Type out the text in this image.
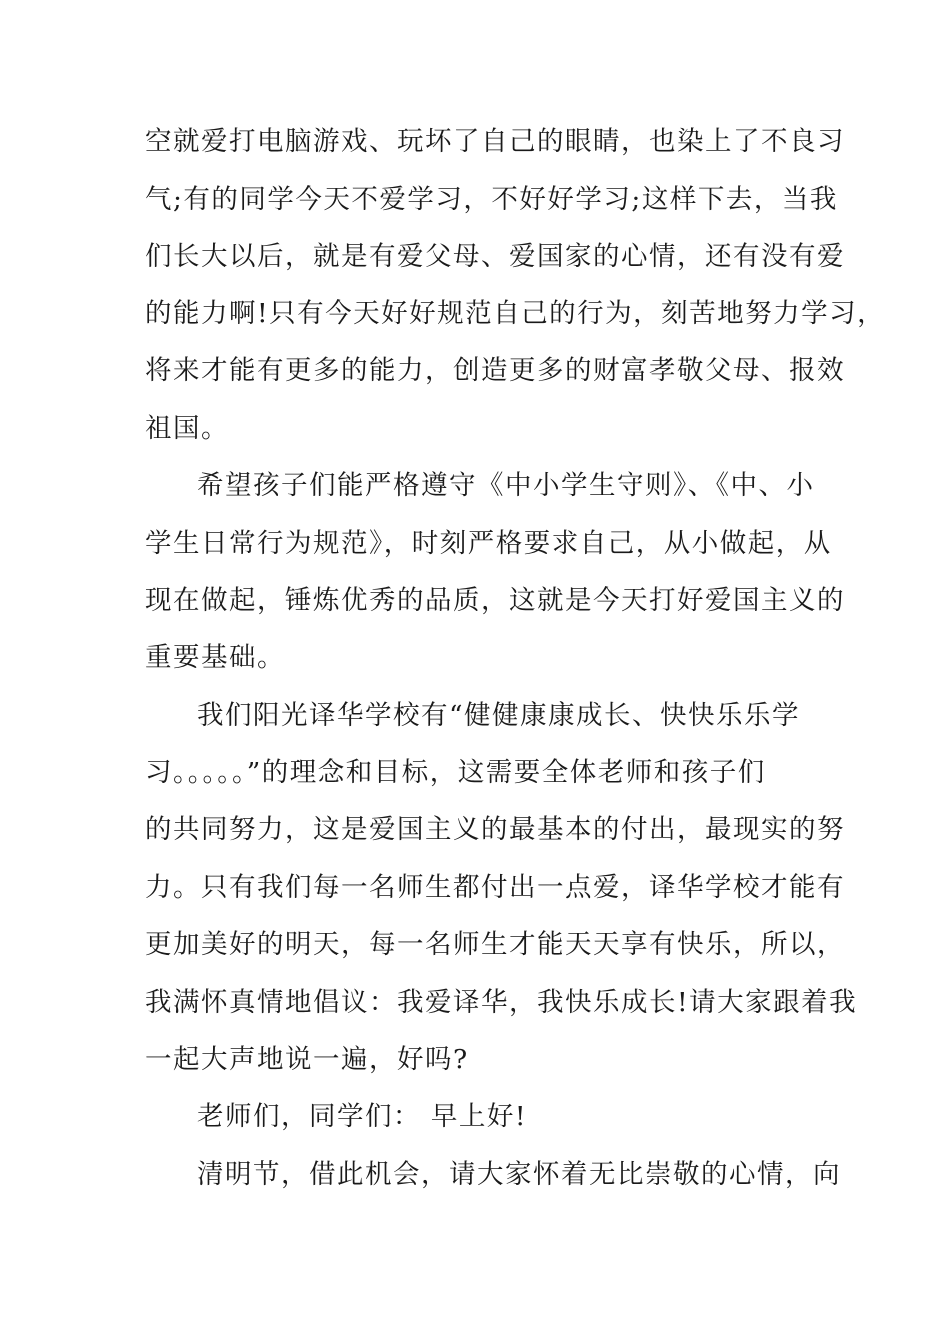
空就爱打电脑游戏、玩坏了自己的眼睛，也染上了不良习
气;有的同学今天不爱学习，不好好学习;这样下去，当我
们长大以后，就是有爱父母、爱国家的心情，还有没有爱
的能力啊!只有今天好好规范自己的行为，刻苦地努力学习，
将来才能有更多的能力，创造更多的财富孝敬父母、报效
祖国。
希望孩子们能严格遵守《中小学生守则》、《中、小
学生日常行为规范》，时刻严格要求自己，从小做起，从
现在做起，锤炼优秀的品质，这就是今天打好爱国主义的
重要基础。
我们阳光译华学校有“健健康康成长、快快乐乐学
习。。。。。”的理念和目标，这需要全体老师和孩子们
的共同努力，这是爱国主义的最基本的付出，最现实的努
力。只有我们每一名师生都付出一点爱，译华学校才能有
更加美好的明天，每一名师生才能天天享有快乐，所以，
我满怀真情地倡议：我爱译华，我快乐成长!请大家跟着我
一起大声地说一遍，好吗?
老师们，同学们： 早上好!
清明节，借此机会，请大家怀着无比崇敬的心情，向
